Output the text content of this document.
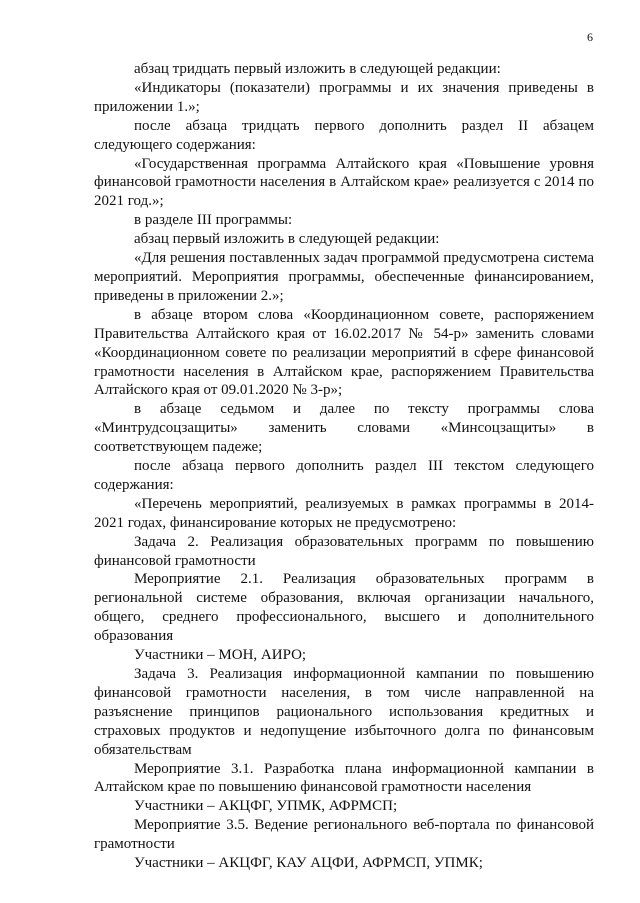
6

абзац тридцать первый изложить в следующей редакции:

«Индикаторы (показатели) программы и их значения приведены в приложении 1.»;

после абзаца тридцать первого дополнить раздел II абзацем следующего содержания:

«Государственная программа Алтайского края «Повышение уровня финансовой грамотности населения в Алтайском крае» реализуется с 2014 по 2021 год.»;

в разделе III программы:

абзац первый изложить в следующей редакции:

«Для решения поставленных задач программой предусмотрена система мероприятий. Мероприятия программы, обеспеченные финансированием, приведены в приложении 2.»;

в абзаце втором слова «Координационном совете, распоряжением Правительства Алтайского края от 16.02.2017 № 54-р» заменить словами «Координационном совете по реализации мероприятий в сфере финансовой грамотности населения в Алтайском крае, распоряжением Правительства Алтайского края от 09.01.2020 № 3-р»;

в абзаце седьмом и далее по тексту программы слова «Минтрудсоцзащиты» заменить словами «Минсоцзащиты» в соответствующем падеже;

после абзаца первого дополнить раздел III текстом следующего содержания:

«Перечень мероприятий, реализуемых в рамках программы в 2014-2021 годах, финансирование которых не предусмотрено:

Задача 2. Реализация образовательных программ по повышению финансовой грамотности

Мероприятие 2.1. Реализация образовательных программ в региональной системе образования, включая организации начального, общего, среднего профессионального, высшего и дополнительного образования

Участники – МОН, АИРО;

Задача 3. Реализация информационной кампании по повышению финансовой грамотности населения, в том числе направленной на разъяснение принципов рационального использования кредитных и страховых продуктов и недопущение избыточного долга по финансовым обязательствам

Мероприятие 3.1. Разработка плана информационной кампании в Алтайском крае по повышению финансовой грамотности населения

Участники – АКЦФГ, УПМК, АФРМСП;

Мероприятие 3.5. Ведение регионального веб-портала по финансовой грамотности

Участники – АКЦФГ, КАУ АЦФИ, АФРМСП, УПМК;
